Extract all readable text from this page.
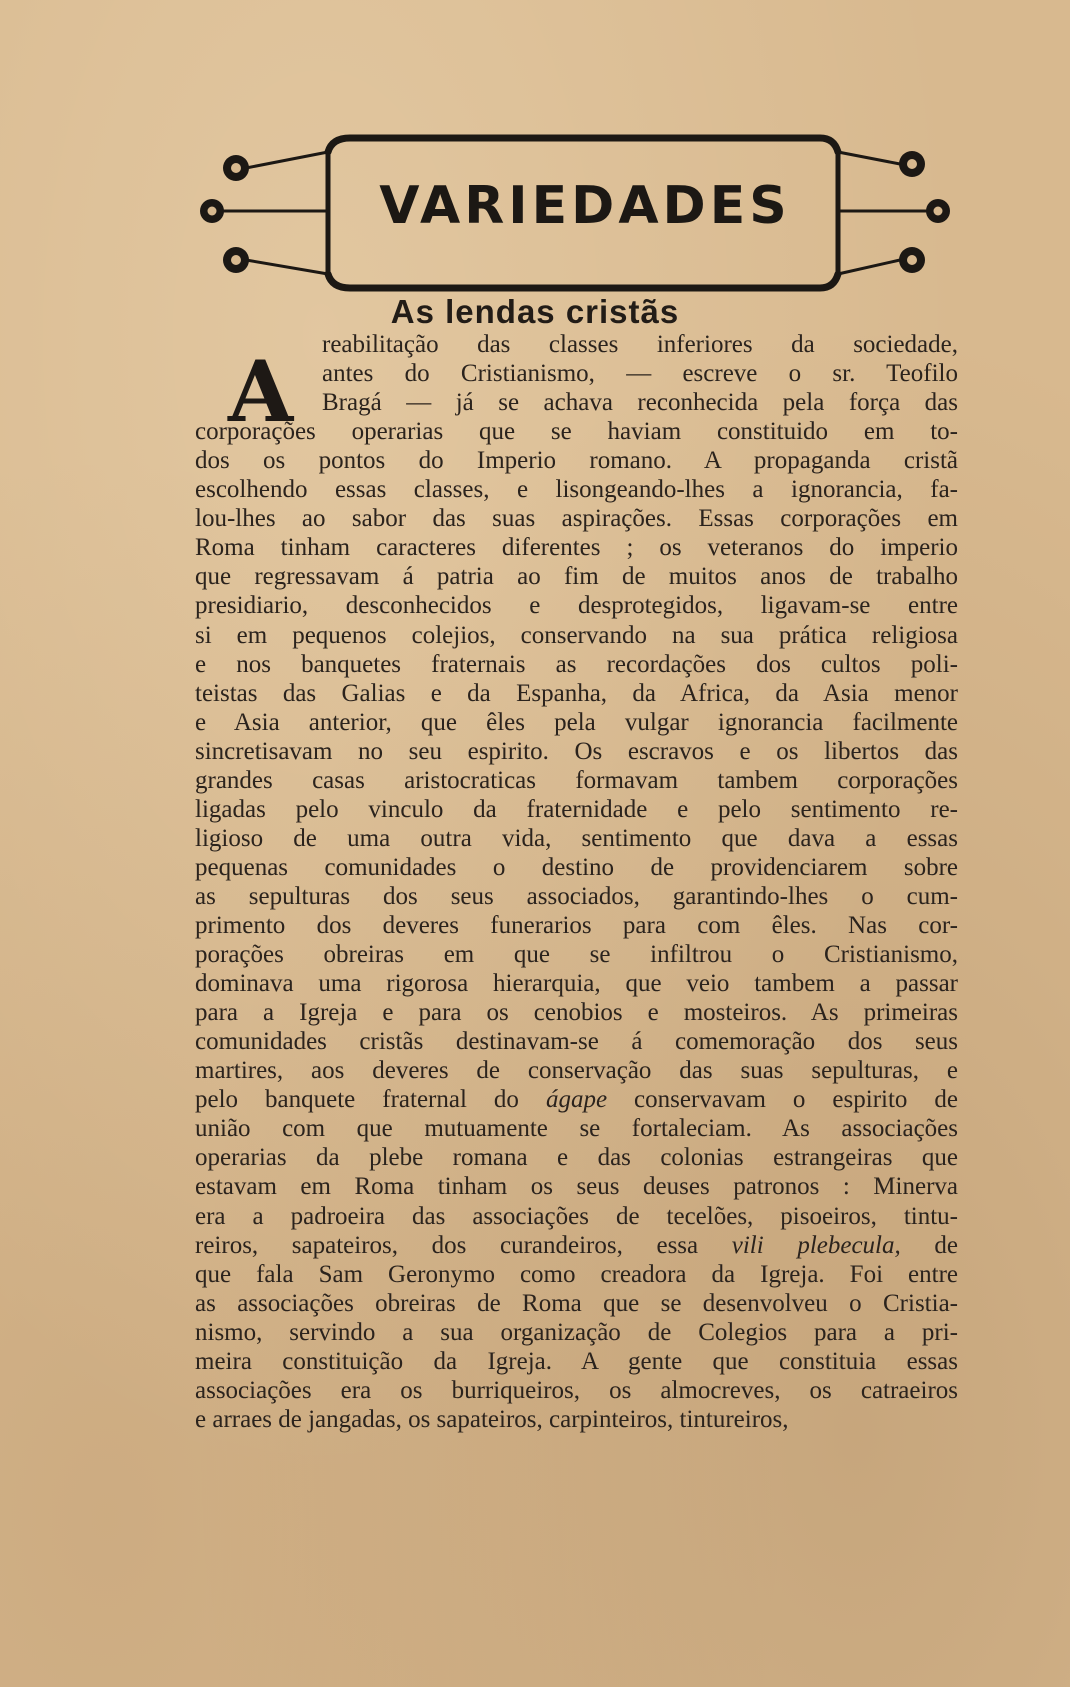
VARIEDADES
As lendas cristãs
A	reabilitação das classes inferiores da sociedade,
antes do Cristianismo, — escreve o sr. Teofilo
Bragá — já se achava reconhecida pela força das
corporações operarias que se haviam constituido em to-
dos os pontos do Imperio romano. A propaganda cristã
escolhendo essas classes, e lisongeando-lhes a ignorancia, fa-
lou-lhes ao sabor das suas aspirações. Essas corporações em
Roma tinham caracteres diferentes ; os veteranos do imperio
que regressavam á patria ao fim de muitos anos de trabalho
presidiario, desconhecidos e desprotegidos, ligavam-se entre
si em pequenos colejios, conservando na sua prática religiosa
e nos banquetes fraternais as recordações dos cultos poli-
teistas das Galias e da Espanha, da Africa, da Asia menor
e Asia anterior, que êles pela vulgar ignorancia facilmente
sincretisavam no seu espirito. Os escravos e os libertos das
grandes casas aristocraticas formavam tambem corporações
ligadas pelo vinculo da fraternidade e pelo sentimento re-
ligioso de uma outra vida, sentimento que dava a essas
pequenas comunidades o destino de providenciarem sobre
as sepulturas dos seus associados, garantindo-lhes o cum-
primento dos deveres funerarios para com êles. Nas cor-
porações obreiras em que se infiltrou o Cristianismo,
dominava uma rigorosa hierarquia, que veio tambem a passar
para a Igreja e para os cenobios e mosteiros. As primeiras
comunidades cristãs destinavam-se á comemoração dos seus
martires, aos deveres de conservação das suas sepulturas, e
pelo banquete fraternal do ágape conservavam o espirito de
união com que mutuamente se fortaleciam. As associações
operarias da plebe romana e das colonias estrangeiras que
estavam em Roma tinham os seus deuses patronos : Minerva
era a padroeira das associações de tecelões, pisoeiros, tintu-
reiros, sapateiros, dos curandeiros, essa vili plebecula, de
que fala Sam Geronymo como creadora da Igreja. Foi entre
as associações obreiras de Roma que se desenvolveu o Cristia-
nismo, servindo a sua organização de Colegios para a pri-
meira constituição da Igreja. A gente que constituia essas
associações era os burriqueiros, os almocreves, os catraeiros
e arraes de jangadas, os sapateiros, carpinteiros, tintureiros,
